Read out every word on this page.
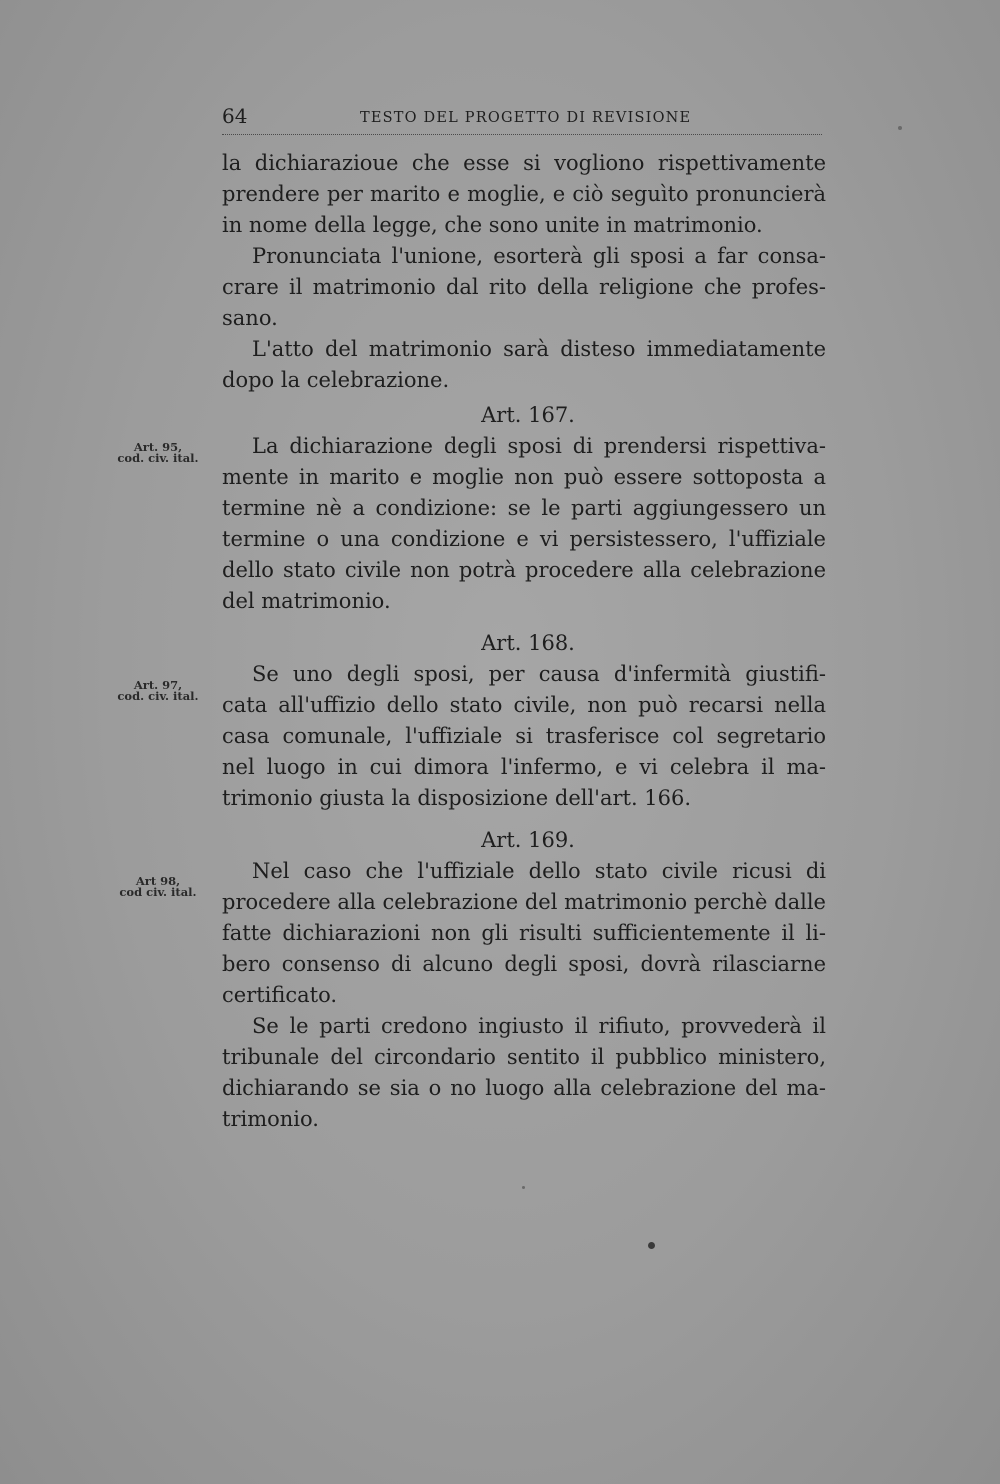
64	TESTO DEL PROGETTO DI REVISIONE
Art. 95,
cod. civ. ital.
Art. 97,
cod. civ. ital.
Art 98,
cod civ. ital.
la dichiarazioue che esse si vogliono rispettivamente
prendere per marito e moglie, e ciò seguìto pronuncierà
in nome della legge, che sono unite in matrimonio.
Pronunciata l'unione, esorterà gli sposi a far consa-
crare il matrimonio dal rito della religione che profes-
sano.
L'atto del matrimonio sarà disteso immediatamente
dopo la celebrazione.
Art. 167.
La dichiarazione degli sposi di prendersi rispettiva-
mente in marito e moglie non può essere sottoposta a
termine nè a condizione: se le parti aggiungessero un
termine o una condizione e vi persistessero, l'uffiziale
dello stato civile non potrà procedere alla celebrazione
del matrimonio.
Art. 168.
Se uno degli sposi, per causa d'infermità giustifi-
cata all'uffizio dello stato civile, non può recarsi nella
casa comunale, l'uffiziale si trasferisce col segretario
nel luogo in cui dimora l'infermo, e vi celebra il ma-
trimonio giusta la disposizione dell'art. 166.
Art. 169.
Nel caso che l'uffiziale dello stato civile ricusi di
procedere alla celebrazione del matrimonio perchè dalle
fatte dichiarazioni non gli risulti sufficientemente il li-
bero consenso di alcuno degli sposi, dovrà rilasciarne
certificato.
Se le parti credono ingiusto il rifiuto, provvederà il
tribunale del circondario sentito il pubblico ministero,
dichiarando se sia o no luogo alla celebrazione del ma-
trimonio.
